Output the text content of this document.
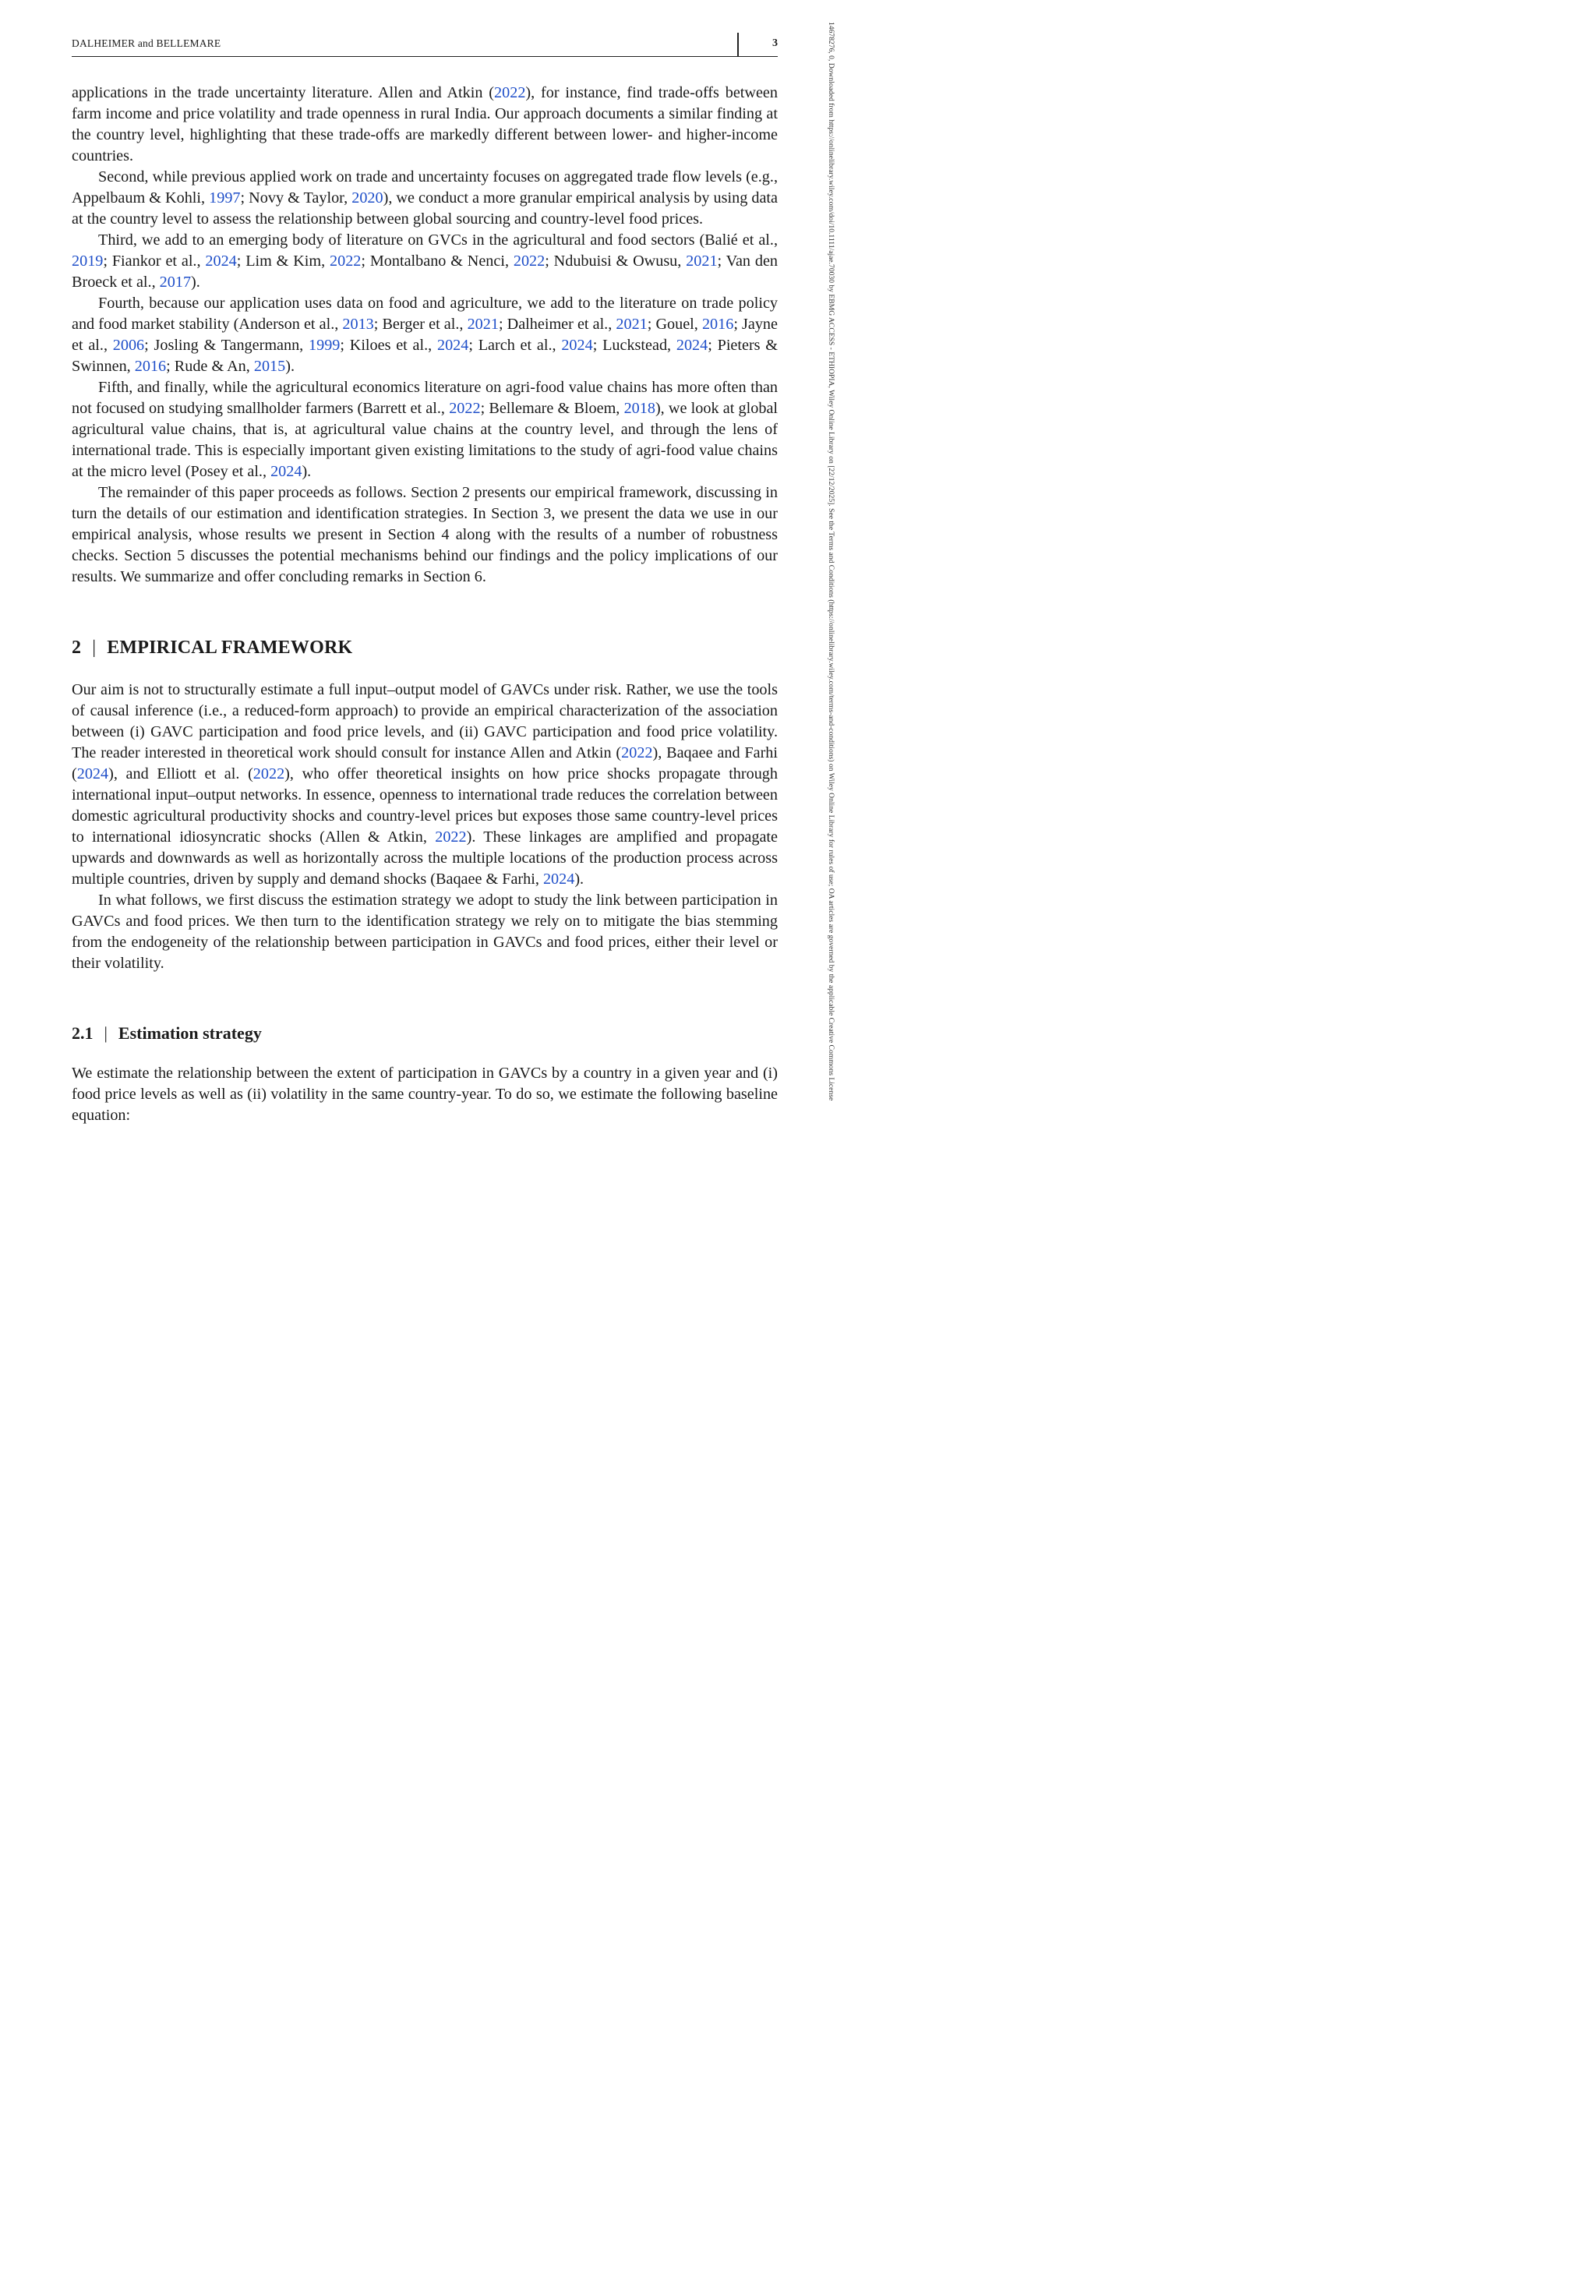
DALHEIMER and BELLEMARE	3	14678276, 0, Downloaded from https://onlinelibrary.wiley.com/doi/10.1111/ajae.70030 by EBMG ACCESS - ETHIOPIA, Wiley Online Library on [22/12/2025]. See the Terms and Conditions (https://onlinelibrary.wiley.com/terms-and-conditions) on Wiley Online Library for rules of use; OA articles are governed by the applicable Creative Commons License

applications in the trade uncertainty literature. Allen and Atkin (2022), for instance, find trade-offs between farm income and price volatility and trade openness in rural India. Our approach documents a similar finding at the country level, highlighting that these trade-offs are markedly different between lower- and higher-income countries.

Second, while previous applied work on trade and uncertainty focuses on aggregated trade flow levels (e.g., Appelbaum & Kohli, 1997; Novy & Taylor, 2020), we conduct a more granular empirical analysis by using data at the country level to assess the relationship between global sourcing and country-level food prices.

Third, we add to an emerging body of literature on GVCs in the agricultural and food sectors (Balié et al., 2019; Fiankor et al., 2024; Lim & Kim, 2022; Montalbano & Nenci, 2022; Ndubuisi & Owusu, 2021; Van den Broeck et al., 2017).

Fourth, because our application uses data on food and agriculture, we add to the literature on trade policy and food market stability (Anderson et al., 2013; Berger et al., 2021; Dalheimer et al., 2021; Gouel, 2016; Jayne et al., 2006; Josling & Tangermann, 1999; Kiloes et al., 2024; Larch et al., 2024; Luckstead, 2024; Pieters & Swinnen, 2016; Rude & An, 2015).

Fifth, and finally, while the agricultural economics literature on agri-food value chains has more often than not focused on studying smallholder farmers (Barrett et al., 2022; Bellemare & Bloem, 2018), we look at global agricultural value chains, that is, at agricultural value chains at the country level, and through the lens of international trade. This is especially important given existing limitations to the study of agri-food value chains at the micro level (Posey et al., 2024).

The remainder of this paper proceeds as follows. Section 2 presents our empirical framework, discussing in turn the details of our estimation and identification strategies. In Section 3, we present the data we use in our empirical analysis, whose results we present in Section 4 along with the results of a number of robustness checks. Section 5 discusses the potential mechanisms behind our findings and the policy implications of our results. We summarize and offer concluding remarks in Section 6.

2 | EMPIRICAL FRAMEWORK

Our aim is not to structurally estimate a full input–output model of GAVCs under risk. Rather, we use the tools of causal inference (i.e., a reduced-form approach) to provide an empirical characterization of the association between (i) GAVC participation and food price levels, and (ii) GAVC participation and food price volatility. The reader interested in theoretical work should consult for instance Allen and Atkin (2022), Baqaee and Farhi (2024), and Elliott et al. (2022), who offer theoretical insights on how price shocks propagate through international input–output networks. In essence, openness to international trade reduces the correlation between domestic agricultural productivity shocks and country-level prices but exposes those same country-level prices to international idiosyncratic shocks (Allen & Atkin, 2022). These linkages are amplified and propagate upwards and downwards as well as horizontally across the multiple locations of the production process across multiple countries, driven by supply and demand shocks (Baqaee & Farhi, 2024).

In what follows, we first discuss the estimation strategy we adopt to study the link between participation in GAVCs and food prices. We then turn to the identification strategy we rely on to mitigate the bias stemming from the endogeneity of the relationship between participation in GAVCs and food prices, either their level or their volatility.

2.1 | Estimation strategy

We estimate the relationship between the extent of participation in GAVCs by a country in a given year and (i) food price levels as well as (ii) volatility in the same country-year. To do so, we estimate the following baseline equation:
